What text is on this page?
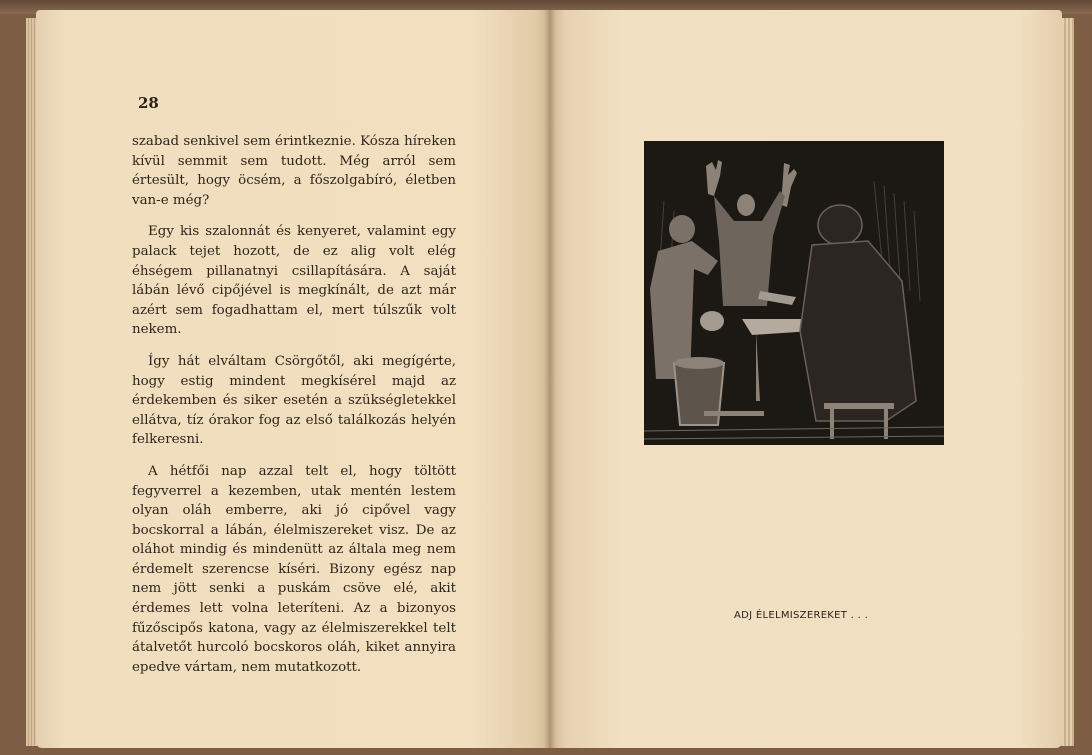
28

szabad senkivel sem érintkeznie. Kósza híreken kívül semmit sem tudott. Még arról sem értesült, hogy öcsém, a főszolgabíró, életben van-e még?

Egy kis szalonnát és kenyeret, valamint egy palack tejet hozott, de ez alig volt elég éhségem pillanatnyi csillapítására. A saját lábán lévő cipőjével is megkínált, de azt már azért sem fogadhattam el, mert túlszűk volt nekem.

Így hát elváltam Csörgőtől, aki megígérte, hogy estig mindent megkísérel majd az érdekemben és siker esetén a szükségletekkel ellátva, tíz órakor fog az első találkozás helyén felkeresni.

A hétfői nap azzal telt el, hogy töltött fegyverrel a kezemben, utak mentén lestem olyan oláh emberre, aki jó cipővel vagy bocskorral a lábán, élelmiszereket visz. De az oláhot mindig és mindenütt az általa meg nem érdemelt szerencse kíséri. Bizony egész nap nem jött senki a puskám csöve elé, akit érdemes lett volna leteríteni. Az a bizonyos fűzőscipős katona, vagy az élelmiszerekkel telt átalvetőt hurcoló bocskoros oláh, kiket annyira epedve vártam, nem mutatkozott.

ADJ ÉLELMISZEREKET . . .
